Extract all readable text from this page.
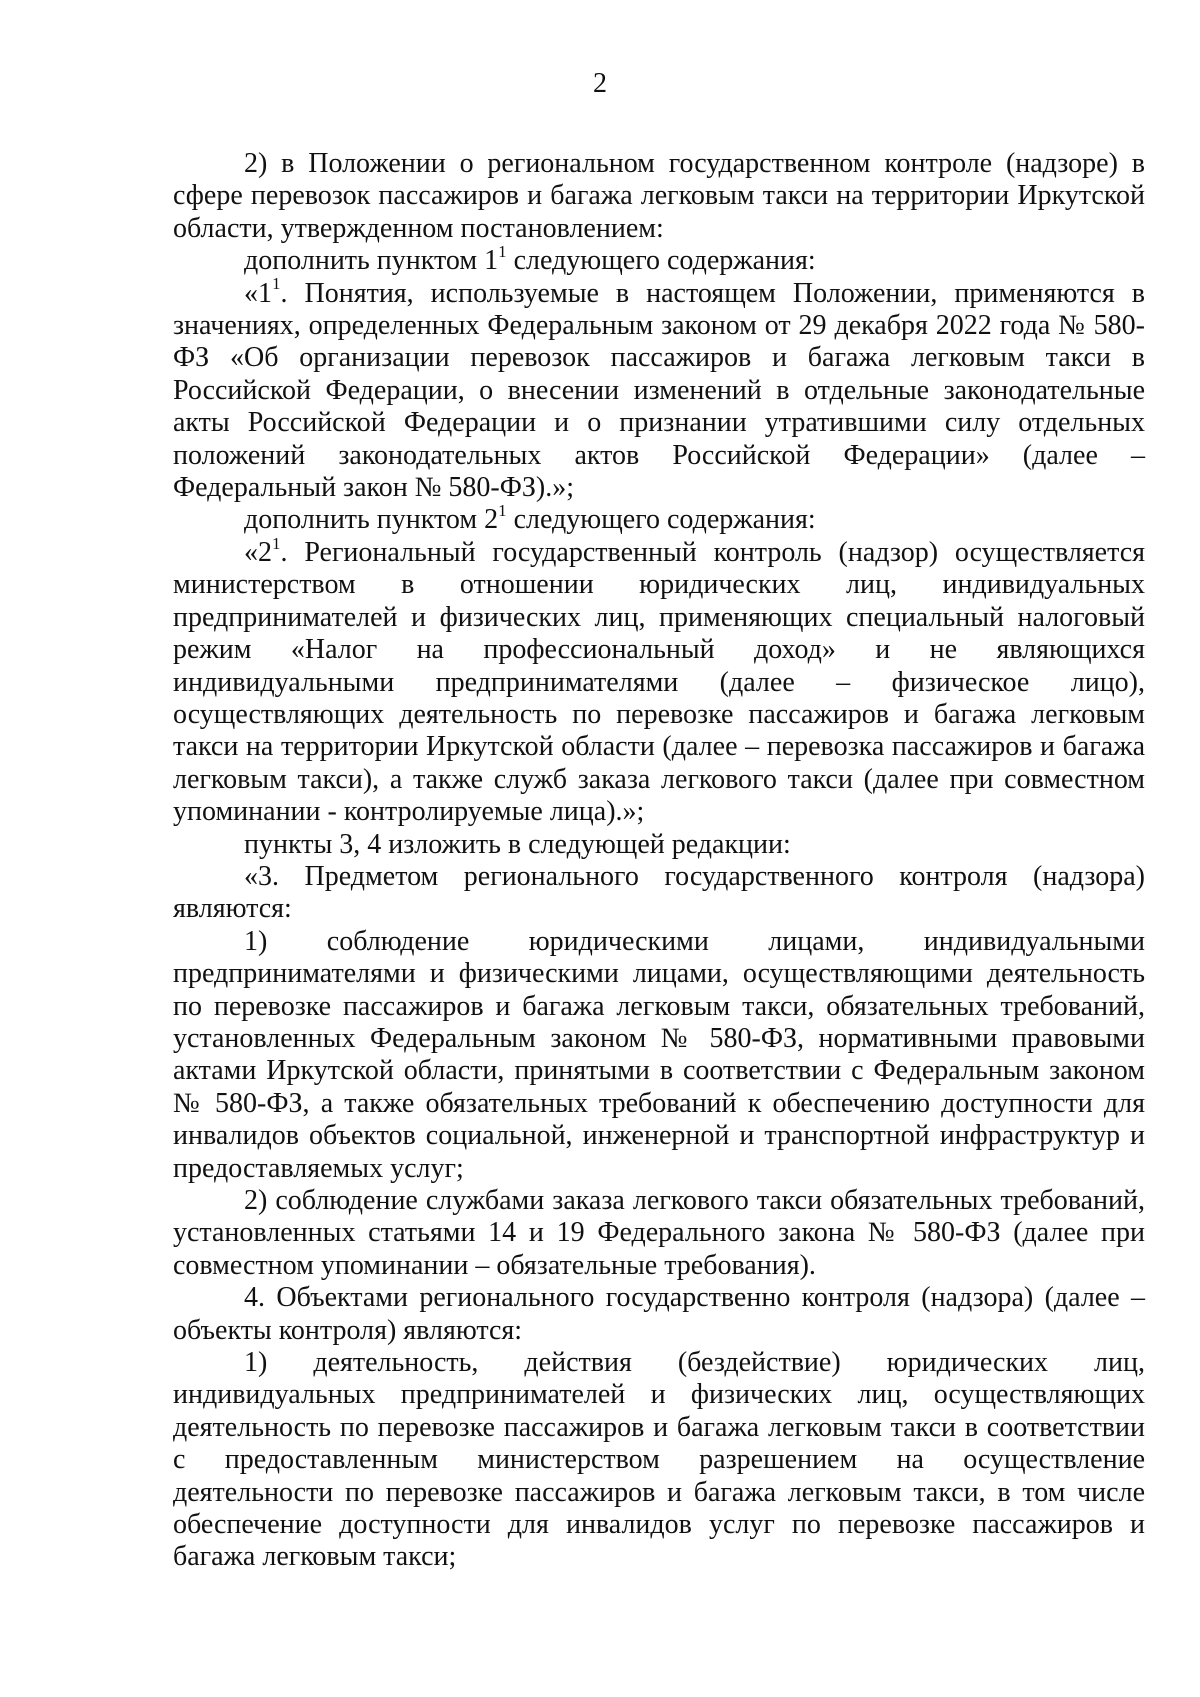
2

2) в Положении о региональном государственном контроле (надзоре) в сфере перевозок пассажиров и багажа легковым такси на территории Иркутской области, утвержденном постановлением:

дополнить пунктом $1^1$ следующего содержания:

«$1^1$. Понятия, используемые в настоящем Положении, применяются в значениях, определенных Федеральным законом от 29 декабря 2022 года № 580-ФЗ «Об организации перевозок пассажиров и багажа легковым такси в Российской Федерации, о внесении изменений в отдельные законодательные акты Российской Федерации и о признании утратившими силу отдельных положений законодательных актов Российской Федерации» (далее – Федеральный закон № 580-ФЗ).»;

дополнить пунктом $2^1$ следующего содержания:

«$2^1$. Региональный государственный контроль (надзор) осуществляется министерством в отношении юридических лиц, индивидуальных предпринимателей и физических лиц, применяющих специальный налоговый режим «Налог на профессиональный доход» и не являющихся индивидуальными предпринимателями (далее – физическое лицо), осуществляющих деятельность по перевозке пассажиров и багажа легковым такси на территории Иркутской области (далее – перевозка пассажиров и багажа легковым такси), а также служб заказа легкового такси (далее при совместном упоминании - контролируемые лица).»;

пункты 3, 4 изложить в следующей редакции:

«3. Предметом регионального государственного контроля (надзора) являются:

1) соблюдение юридическими лицами, индивидуальными предпринимателями и физическими лицами, осуществляющими деятельность по перевозке пассажиров и багажа легковым такси, обязательных требований, установленных Федеральным законом № 580-ФЗ, нормативными правовыми актами Иркутской области, принятыми в соответствии с Федеральным законом № 580-ФЗ, а также обязательных требований к обеспечению доступности для инвалидов объектов социальной, инженерной и транспортной инфраструктур и предоставляемых услуг;

2) соблюдение службами заказа легкового такси обязательных требований, установленных статьями 14 и 19 Федерального закона № 580-ФЗ (далее при совместном упоминании – обязательные требования).

4. Объектами регионального государственно контроля (надзора) (далее – объекты контроля) являются:

1) деятельность, действия (бездействие) юридических лиц, индивидуальных предпринимателей и физических лиц, осуществляющих деятельность по перевозке пассажиров и багажа легковым такси в соответствии с предоставленным министерством разрешением на осуществление деятельности по перевозке пассажиров и багажа легковым такси, в том числе обеспечение доступности для инвалидов услуг по перевозке пассажиров и багажа легковым такси;
